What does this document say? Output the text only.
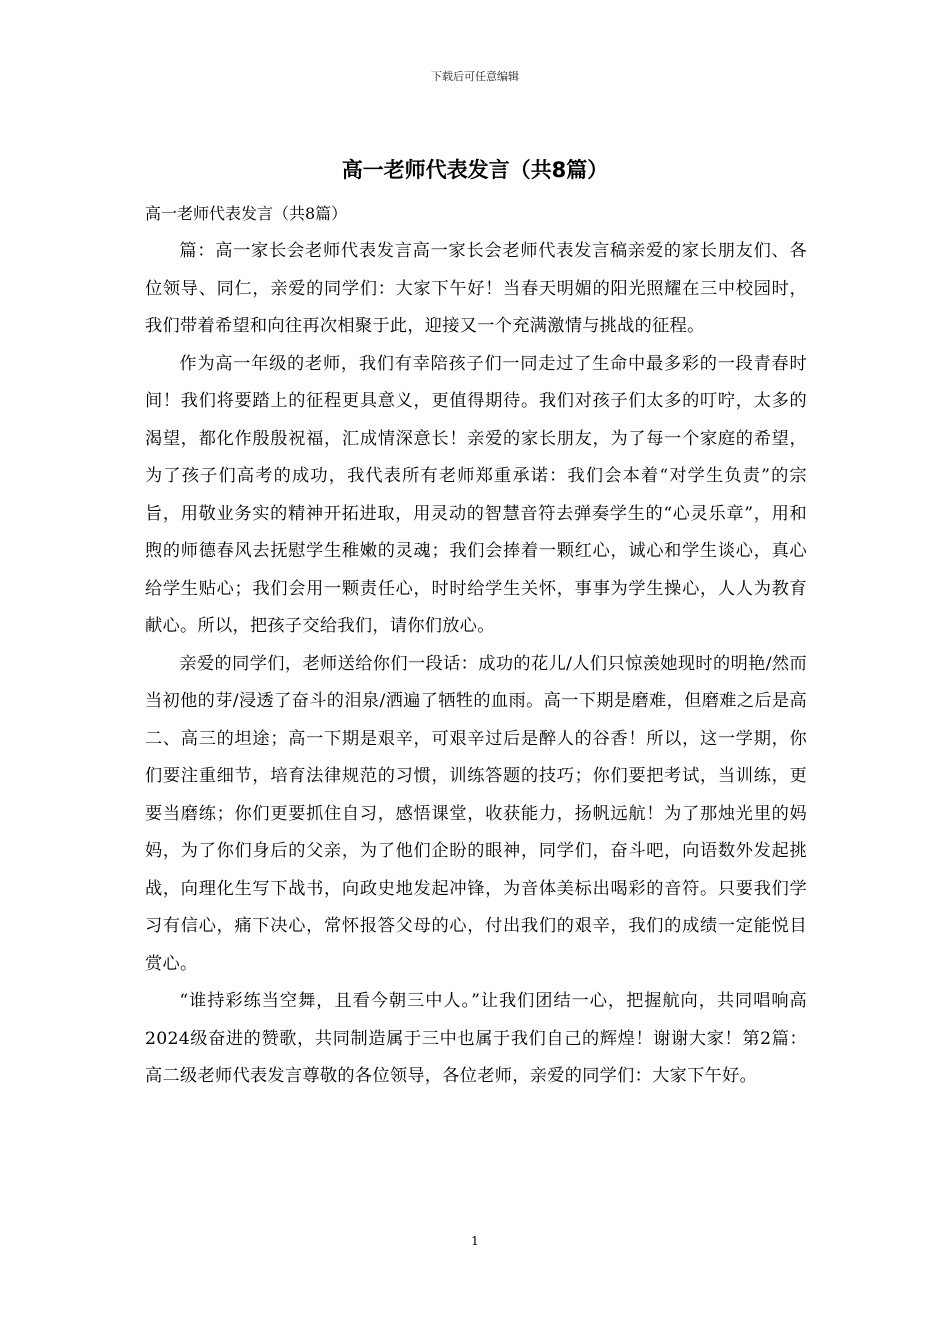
下载后可任意编辑
高一老师代表发言（共8篇）
高一老师代表发言（共8篇）

篇：高一家长会老师代表发言高一家长会老师代表发言稿亲爱的家长朋友们、各位领导、同仁，亲爱的同学们：大家下午好！当春天明媚的阳光照耀在三中校园时，我们带着希望和向往再次相聚于此，迎接又一个充满激情与挑战的征程。

作为高一年级的老师，我们有幸陪孩子们一同走过了生命中最多彩的一段青春时间！我们将要踏上的征程更具意义，更值得期待。我们对孩子们太多的叮咛，太多的渴望，都化作殷殷祝福，汇成情深意长！亲爱的家长朋友，为了每一个家庭的希望，为了孩子们高考的成功，我代表所有老师郑重承诺：我们会本着“对学生负责”的宗旨，用敬业务实的精神开拓进取，用灵动的智慧音符去弹奏学生的“心灵乐章”，用和煦的师德春风去抚慰学生稚嫩的灵魂；我们会捧着一颗红心，诚心和学生谈心，真心给学生贴心；我们会用一颗责任心，时时给学生关怀，事事为学生操心，人人为教育献心。所以，把孩子交给我们，请你们放心。

亲爱的同学们，老师送给你们一段话：成功的花儿/人们只惊羡她现时的明艳/然而当初他的芽/浸透了奋斗的泪泉/洒遍了牺牲的血雨。高一下期是磨难，但磨难之后是高二、高三的坦途；高一下期是艰辛，可艰辛过后是醉人的谷香！所以，这一学期，你们要注重细节，培育法律规范的习惯，训练答题的技巧；你们要把考试，当训练，更要当磨练；你们更要抓住自习，感悟课堂，收获能力，扬帆远航！为了那烛光里的妈妈，为了你们身后的父亲，为了他们企盼的眼神，同学们，奋斗吧，向语数外发起挑战，向理化生写下战书，向政史地发起冲锋，为音体美标出喝彩的音符。只要我们学习有信心，痛下决心，常怀报答父母的心，付出我们的艰辛，我们的成绩一定能悦目赏心。

“谁持彩练当空舞，且看今朝三中人。”让我们团结一心，把握航向，共同唱响高2024级奋进的赞歌，共同制造属于三中也属于我们自己的辉煌！谢谢大家！第2篇：高二级老师代表发言尊敬的各位领导，各位老师，亲爱的同学们：大家下午好。

1
